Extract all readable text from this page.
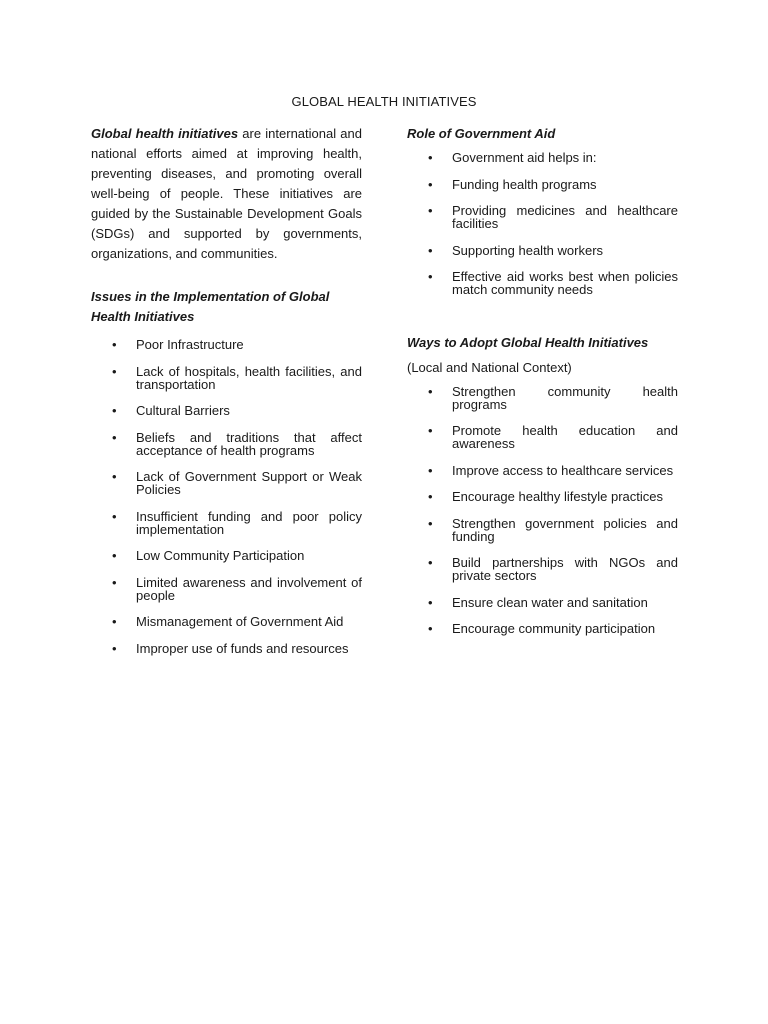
GLOBAL HEALTH INITIATIVES

Global health initiatives are international and national efforts aimed at improving health, preventing diseases, and promoting overall well-being of people. These initiatives are guided by the Sustainable Development Goals (SDGs) and supported by governments, organizations, and communities.

Issues in the Implementation of Global Health Initiatives

• Poor Infrastructure
• Lack of hospitals, health facilities, and transportation
• Cultural Barriers
• Beliefs and traditions that affect acceptance of health programs
• Lack of Government Support or Weak Policies
• Insufficient funding and poor policy implementation
• Low Community Participation
• Limited awareness and involvement of people
• Mismanagement of Government Aid
• Improper use of funds and resources

Role of Government Aid

• Government aid helps in:
• Funding health programs
• Providing medicines and healthcare facilities
• Supporting health workers
• Effective aid works best when policies match community needs

Ways to Adopt Global Health Initiatives

(Local and National Context)

• Strengthen community health programs
• Promote health education and awareness
• Improve access to healthcare services
• Encourage healthy lifestyle practices
• Strengthen government policies and funding
• Build partnerships with NGOs and private sectors
• Ensure clean water and sanitation
• Encourage community participation
